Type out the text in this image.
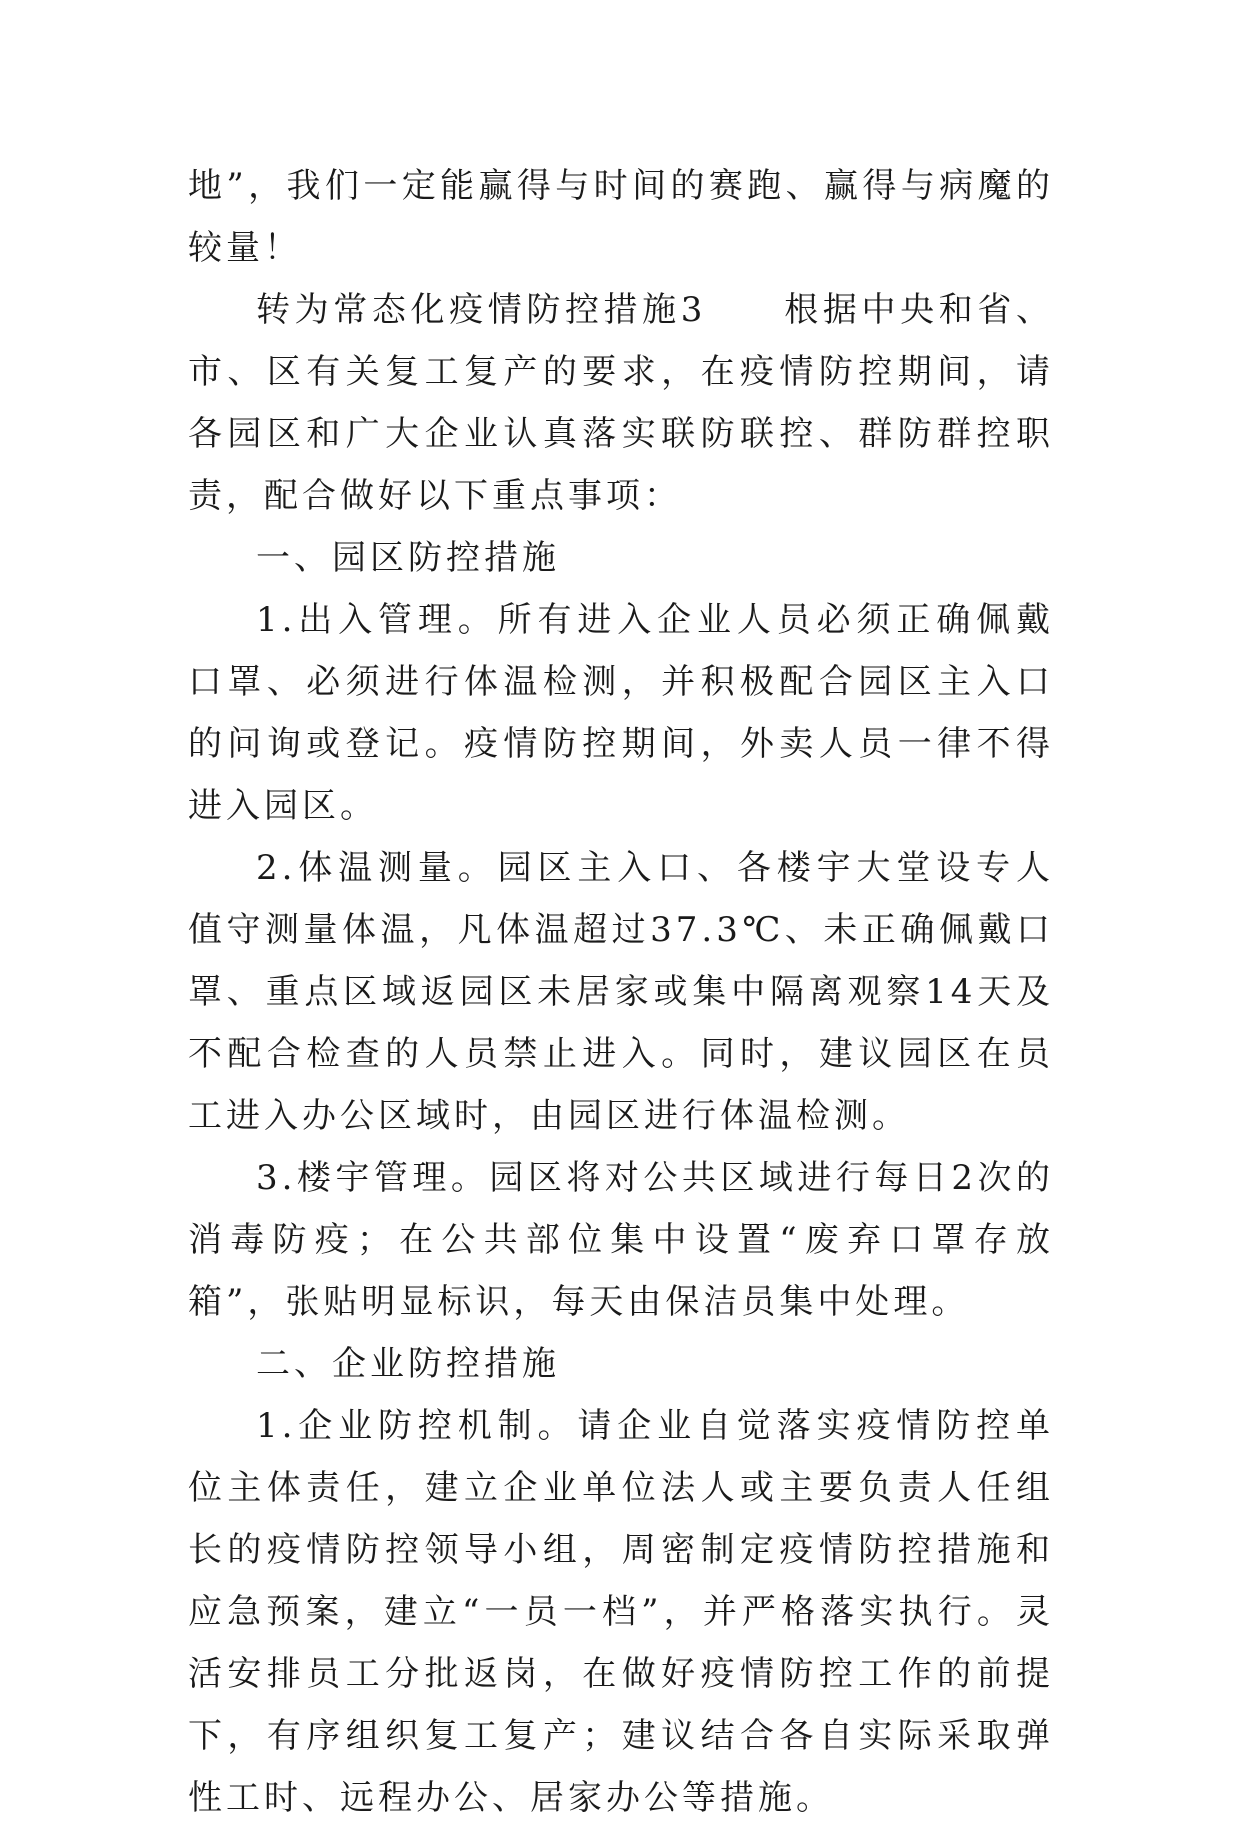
地”，我们一定能赢得与时间的赛跑、赢得与病魔的较量！

转为常态化疫情防控措施3　　根据中央和省、市、区有关复工复产的要求，在疫情防控期间，请各园区和广大企业认真落实联防联控、群防群控职责，配合做好以下重点事项：

一、园区防控措施

1.出入管理。所有进入企业人员必须正确佩戴口罩、必须进行体温检测，并积极配合园区主入口的问询或登记。疫情防控期间，外卖人员一律不得进入园区。

2.体温测量。园区主入口、各楼宇大堂设专人值守测量体温，凡体温超过37.3℃、未正确佩戴口罩、重点区域返园区未居家或集中隔离观察14天及不配合检查的人员禁止进入。同时，建议园区在员工进入办公区域时，由园区进行体温检测。

3.楼宇管理。园区将对公共区域进行每日2次的消毒防疫；在公共部位集中设置“废弃口罩存放箱”，张贴明显标识，每天由保洁员集中处理。

二、企业防控措施

1.企业防控机制。请企业自觉落实疫情防控单位主体责任，建立企业单位法人或主要负责人任组长的疫情防控领导小组，周密制定疫情防控措施和应急预案，建立“一员一档”，并严格落实执行。灵活安排员工分批返岗，在做好疫情防控工作的前提下，有序组织复工复产；建议结合各自实际采取弹性工时、远程办公、居家办公等措施。
